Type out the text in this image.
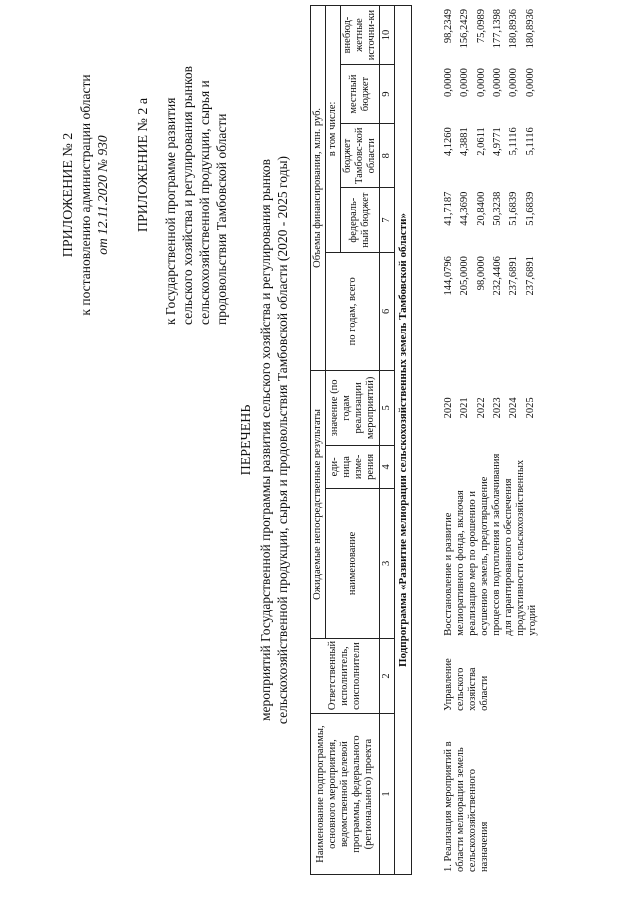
ПРИЛОЖЕНИЕ № 2 к постановлению администрации области от 12.11.2020 № 930 ПРИЛОЖЕНИЕ № 2 а к Государственной программе развития сельского хозяйства и регулирования рынков сельскохозяйственной продукции, сырья и продовольствия Тамбовской области
ПЕРЕЧЕНЬ мероприятий Государственной программы развития сельского хозяйства и регулирования рынков сельскохозяйственной продукции, сырья и продовольствия Тамбовской области (2020 - 2025 годы)
Наименование подпрограммы, основного мероприятия, ведомственной целевой программы, федерального (регионального) проекта	Ответственный исполнитель, соисполнители	Ожидаемые непосредственные результаты			Объемы финансирования, млн. руб.				
		наименование	еди-ница изме-рения	значение (по годам реализации мероприятий)	по годам, всего	в том числе:			
						федераль-ный бюджет	бюджет Тамбовс-кой области	местный бюджет	внебюд-жетные источни-ки
1	2	3	4	5	6	7	8	9	10
Подпрограмма «Развитие мелиорации сельскохозяйственных земель Тамбовской области»									
1. Реализация мероприятий в области мелиорации земель сельскохозяйственного назначения	Управление сельского хозяйства области	Восстановление и развитие мелиоративного фонда, включая реализацию мер по орошению и осушению земель, предотвращение процессов подтопления и заболачивания для гарантированного обеспечения продуктивности сельскохозяйственных угодий	2020	144,0796	41,7187	4,1260	0,0000	98,2349
			2021	205,0000	44,3690	4,3881	0,0000	156,2429
			2022	98,0000	20,8400	2,0611	0,0000	75,0989
			2023	232,4406	50,3238	4,9771	0,0000	177,1398
			2024	237,6891	51,6839	5,1116	0,0000	180,8936
			2025	237,6891	51,6839	5,1116	0,0000	180,8936
